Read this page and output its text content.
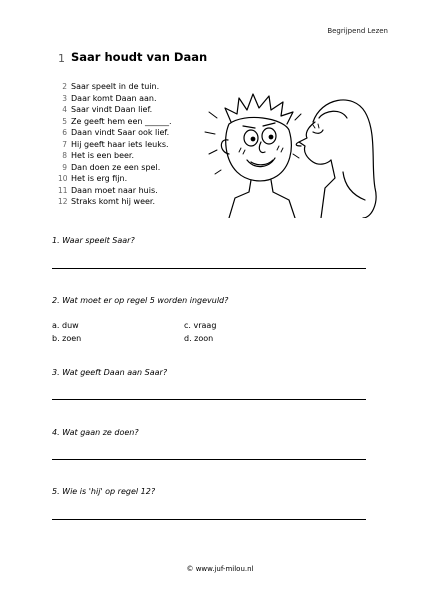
Begrijpend Lezen
1 Saar houdt van Daan
2 Saar speelt in de tuin.
3 Daar komt Daan aan.
4 Saar vindt Daan lief.
5 Ze geeft hem een ______.
6 Daan vindt Saar ook lief.
7 Hij geeft haar iets leuks.
8 Het is een beer.
9 Dan doen ze een spel.
10 Het is erg fijn.
11 Daan moet naar huis.
12 Straks komt hij weer.
1. Waar speelt Saar?
2. Wat moet er op regel 5 worden ingevuld?
a. duw
b. zoen
c. vraag
d. zoon
3. Wat geeft Daan aan Saar?
4. Wat gaan ze doen?
5. Wie is 'hij' op regel 12?
© www.juf-milou.nl
